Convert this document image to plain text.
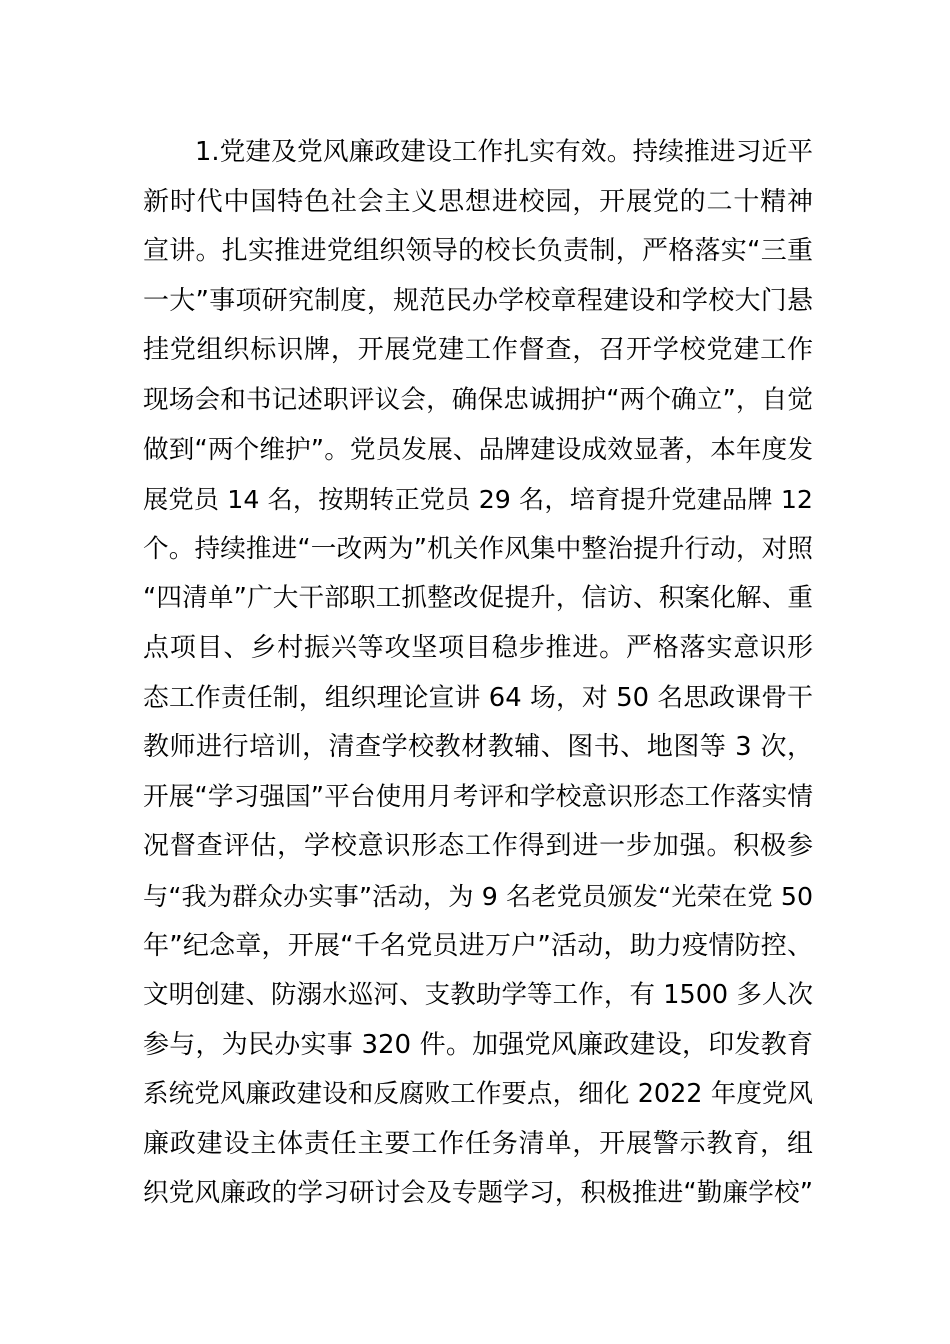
1.党建及党风廉政建设工作扎实有效。持续推进习近平
新时代中国特色社会主义思想进校园，开展党的二十精神
宣讲。扎实推进党组织领导的校长负责制，严格落实“三重
一大”事项研究制度，规范民办学校章程建设和学校大门悬
挂党组织标识牌，开展党建工作督查，召开学校党建工作
现场会和书记述职评议会，确保忠诚拥护“两个确立”，自觉
做到“两个维护”。党员发展、品牌建设成效显著，本年度发
展党员 14 名，按期转正党员 29 名，培育提升党建品牌 12
个。持续推进“一改两为”机关作风集中整治提升行动，对照
“四清单”广大干部职工抓整改促提升，信访、积案化解、重
点项目、乡村振兴等攻坚项目稳步推进。严格落实意识形
态工作责任制，组织理论宣讲 64 场，对 50 名思政课骨干
教师进行培训，清查学校教材教辅、图书、地图等 3 次，
开展“学习强国”平台使用月考评和学校意识形态工作落实情
况督查评估，学校意识形态工作得到进一步加强。积极参
与“我为群众办实事”活动，为 9 名老党员颁发“光荣在党 50
年”纪念章，开展“千名党员进万户”活动，助力疫情防控、
文明创建、防溺水巡河、支教助学等工作，有 1500 多人次
参与，为民办实事 320 件。加强党风廉政建设，印发教育
系统党风廉政建设和反腐败工作要点，细化 2022 年度党风
廉政建设主体责任主要工作任务清单，开展警示教育，组
织党风廉政的学习研讨会及专题学习，积极推进“勤廉学校”
